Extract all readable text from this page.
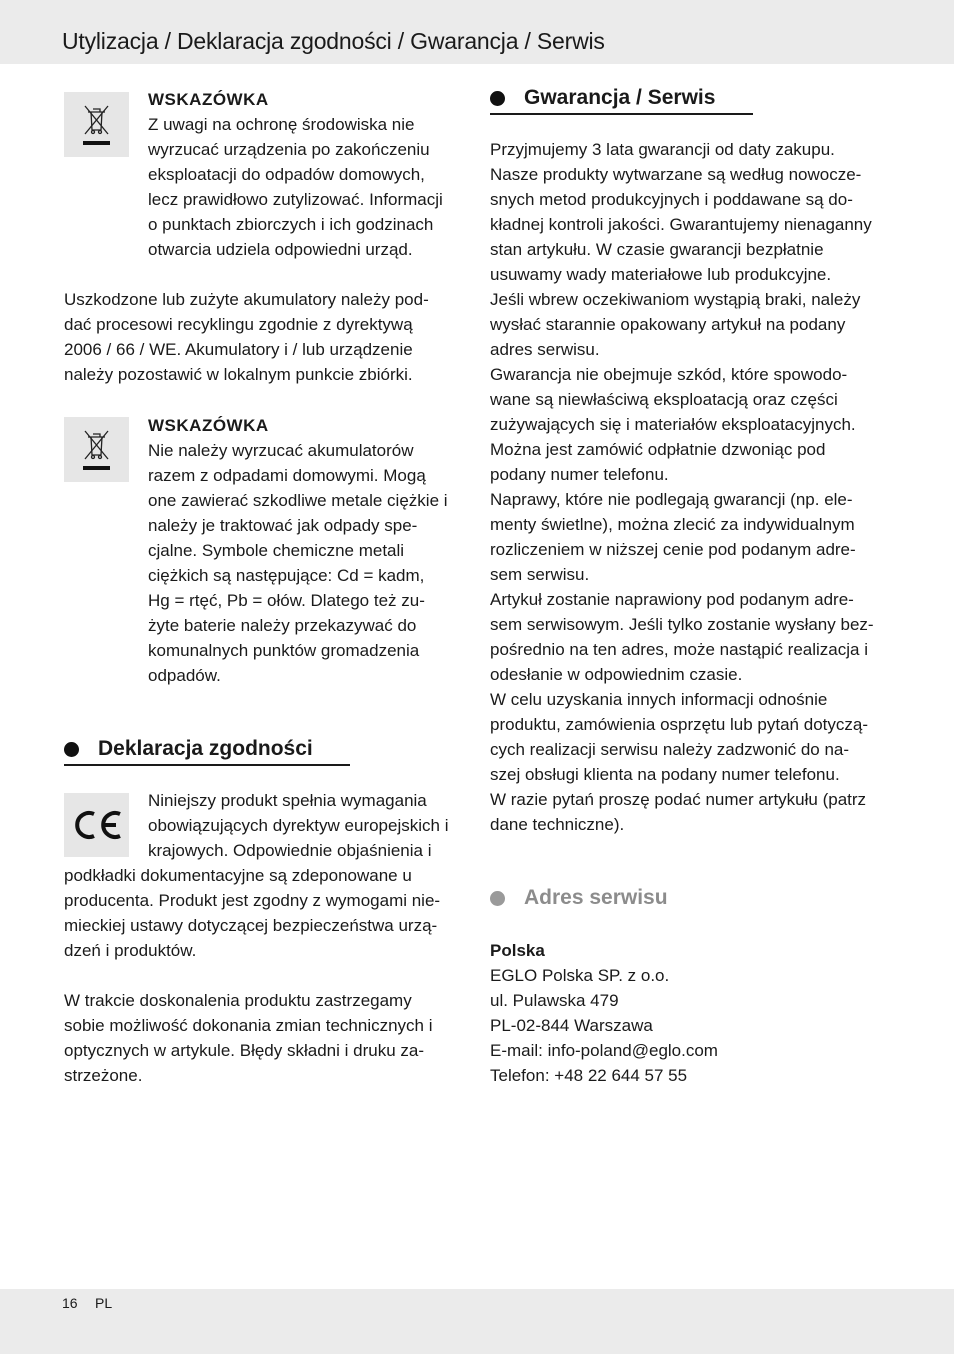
Utylizacja / Deklaracja zgodności / Gwarancja / Serwis
WSKAZÓWKA
Z uwagi na ochronę środowiska nie
wyrzucać urządzenia po zakończeniu
eksploatacji do odpadów domowych,
lecz prawidłowo zutylizować. Informacji
o punktach zbiorczych i ich godzinach
otwarcia udziela odpowiedni urząd.
Uszkodzone lub zużyte akumulatory należy pod-
dać procesowi recyklingu zgodnie z dyrektywą
2006 / 66 / WE. Akumulatory i / lub urządzenie
należy pozostawić w lokalnym punkcie zbiórki.
WSKAZÓWKA
Nie należy wyrzucać akumulatorów
razem z odpadami domowymi. Mogą
one zawierać szkodliwe metale ciężkie i
należy je traktować jak odpady spe-
cjalne. Symbole chemiczne metali
ciężkich są następujące: Cd = kadm,
Hg = rtęć, Pb = ołów. Dlatego też zu-
żyte baterie należy przekazywać do
komunalnych punktów gromadzenia
odpadów.
Deklaracja zgodności
Niniejszy produkt spełnia wymagania
obowiązujących dyrektyw europejskich i
krajowych. Odpowiednie objaśnienia i
podkładki dokumentacyjne są zdeponowane u
producenta. Produkt jest zgodny z wymogami nie-
mieckiej ustawy dotyczącej bezpieczeństwa urzą-
dzeń i produktów.
W trakcie doskonalenia produktu zastrzegamy
sobie możliwość dokonania zmian technicznych i
optycznych w artykule. Błędy składni i druku za-
strzeżone.
Gwarancja / Serwis
Przyjmujemy 3 lata gwarancji od daty zakupu.
Nasze produkty wytwarzane są według nowocze-
snych metod produkcyjnych i poddawane są do-
kładnej kontroli jakości. Gwarantujemy nienaganny
stan artykułu. W czasie gwarancji bezpłatnie
usuwamy wady materiałowe lub produkcyjne.
Jeśli wbrew oczekiwaniom wystąpią braki, należy
wysłać starannie opakowany artykuł na podany
adres serwisu.
Gwarancja nie obejmuje szkód, które spowodo-
wane są niewłaściwą eksploatacją oraz części
zużywających się i materiałów eksploatacyjnych.
Można jest zamówić odpłatnie dzwoniąc pod
podany numer telefonu.
Naprawy, które nie podlegają gwarancji (np. ele-
menty świetlne), można zlecić za indywidualnym
rozliczeniem w niższej cenie pod podanym adre-
sem serwisu.
Artykuł zostanie naprawiony pod podanym adre-
sem serwisowym. Jeśli tylko zostanie wysłany bez-
pośrednio na ten adres, może nastąpić realizacja i
odesłanie w odpowiednim czasie.
W celu uzyskania innych informacji odnośnie
produktu, zamówienia osprzętu lub pytań dotyczą-
cych realizacji serwisu należy zadzwonić do na-
szej obsługi klienta na podany numer telefonu.
W razie pytań proszę podać numer artykułu (patrz
dane techniczne).
Adres serwisu
Polska
EGLO Polska SP. z o.o.
ul. Pulawska 479
PL-02-844 Warszawa
E-mail: info-poland@eglo.com
Telefon: +48 22 644 57 55
16 PL
